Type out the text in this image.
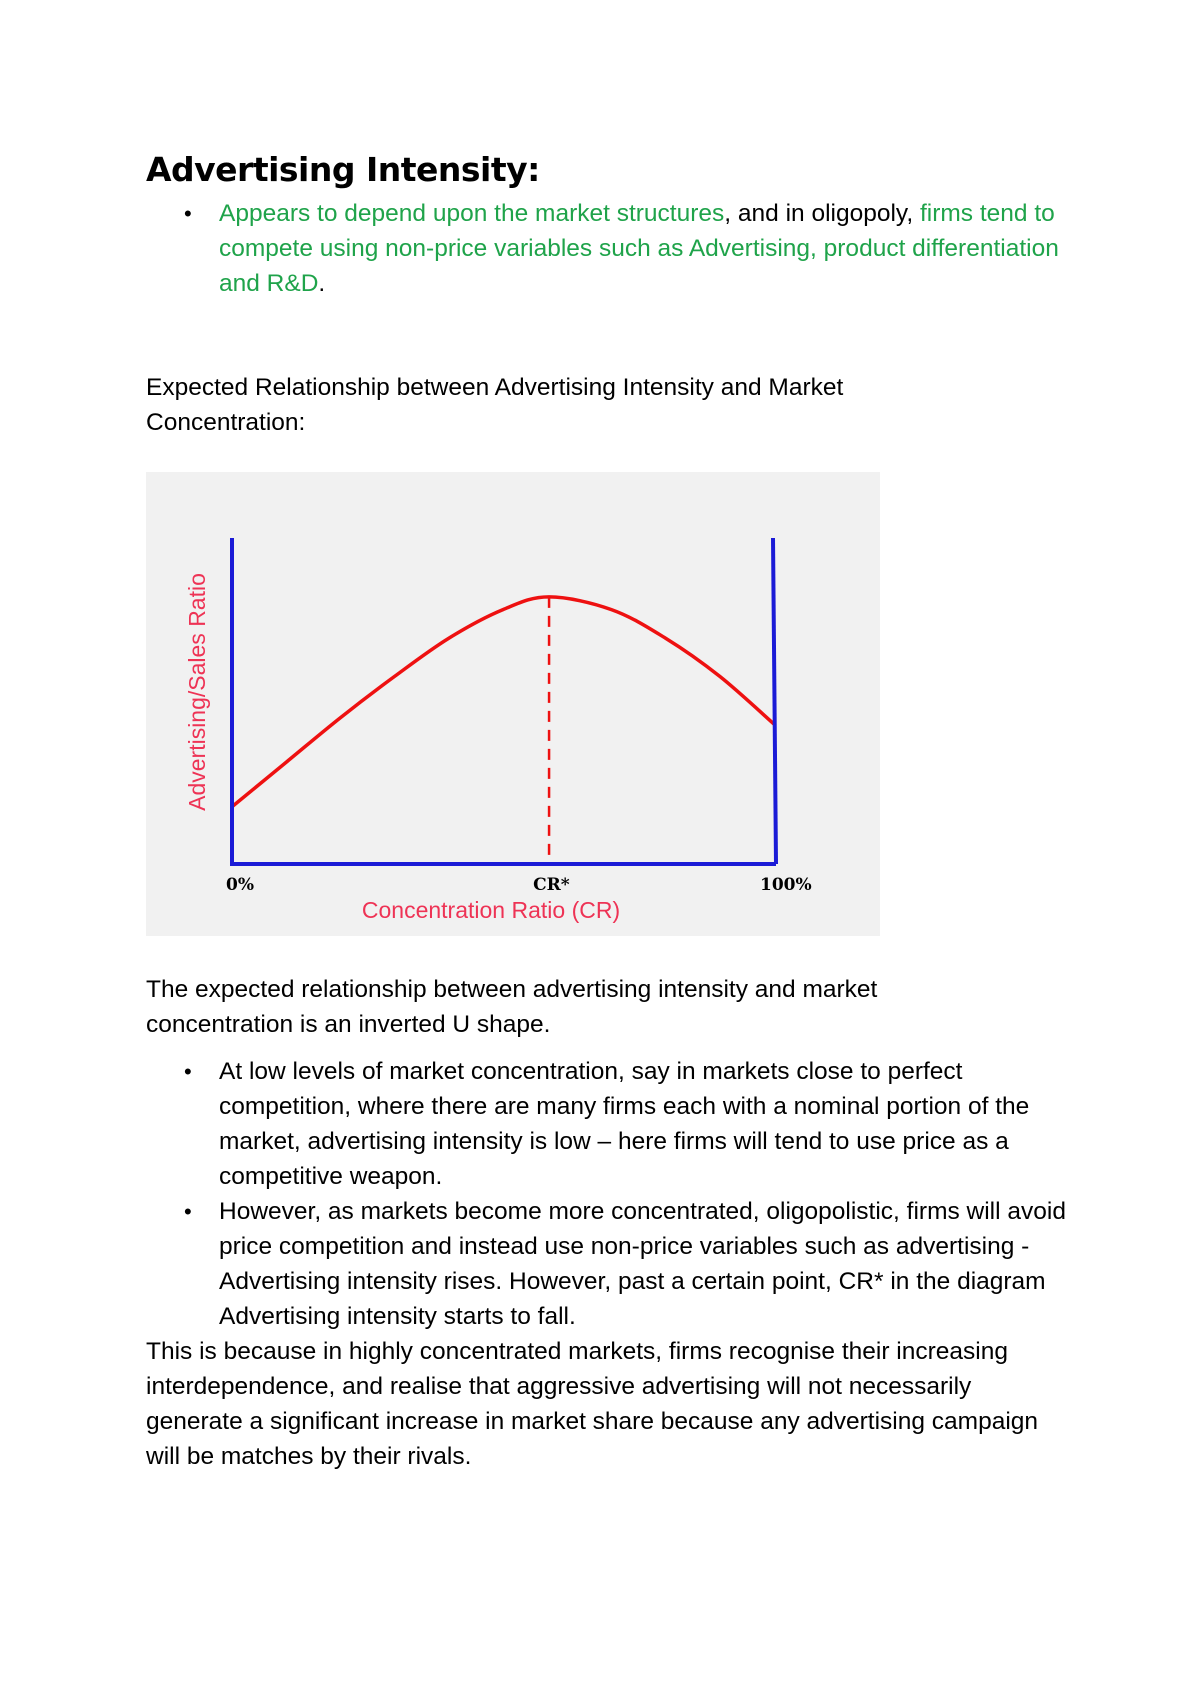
Advertising Intensity:
• Appears to depend upon the market structures, and in oligopoly, firms tend to compete using non-price variables such as Advertising, product differentiation and R&D.
Expected Relationship between Advertising Intensity and Market Concentration:
0%	CR*	100%
Concentration Ratio (CR)
Advertising/Sales Ratio
The expected relationship between advertising intensity and market concentration is an inverted U shape.
• At low levels of market concentration, say in markets close to perfect competition, where there are many firms each with a nominal portion of the market, advertising intensity is low – here firms will tend to use price as a competitive weapon.
• However, as markets become more concentrated, oligopolistic, firms will avoid price competition and instead use non-price variables such as advertising - Advertising intensity rises. However, past a certain point, CR* in the diagram Advertising intensity starts to fall.
This is because in highly concentrated markets, firms recognise their increasing interdependence, and realise that aggressive advertising will not necessarily generate a significant increase in market share because any advertising campaign will be matches by their rivals.
